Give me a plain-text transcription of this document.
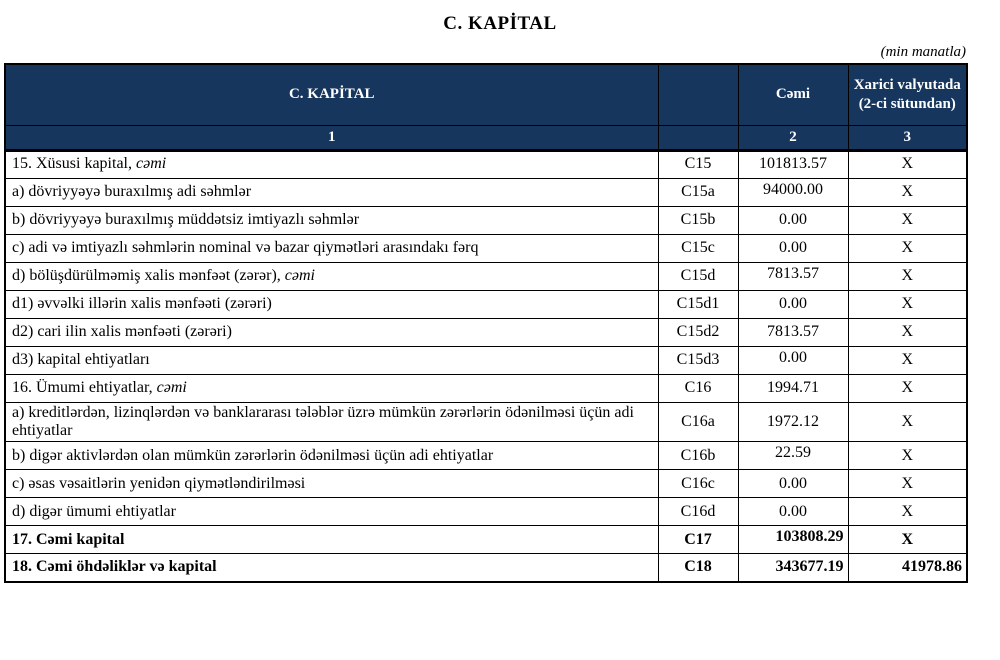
C. KAPİTAL
(min manatla)
C. KAPİTAL		Cəmi	Xarici valyutada (2-ci sütundan)
1		2	3
15. Xüsusi kapital, cəmi	C15	101813.57	X
a) dövriyyəyə buraxılmış adi səhmlər	C15a	94000.00	X
b) dövriyyəyə buraxılmış müddətsiz imtiyazlı səhmlər	C15b	0.00	X
c) adi və imtiyazlı səhmlərin nominal və bazar qiymətləri arasındakı fərq	C15c	0.00	X
d) bölüşdürülməmiş xalis mənfəət (zərər), cəmi	C15d	7813.57	X
d1) əvvəlki illərin xalis mənfəəti (zərəri)	C15d1	0.00	X
d2) cari ilin xalis mənfəəti (zərəri)	C15d2	7813.57	X
d3) kapital ehtiyatları	C15d3	0.00	X
16. Ümumi ehtiyatlar, cəmi	C16	1994.71	X
a) kreditlərdən, lizinqlərdən və banklararası tələblər üzrə mümkün zərərlərin ödənilməsi üçün adi ehtiyatlar	C16a	1972.12	X
b) digər aktivlərdən olan mümkün zərərlərin ödənilməsi üçün adi ehtiyatlar	C16b	22.59	X
c) əsas vəsaitlərin yenidən qiymətləndirilməsi	C16c	0.00	X
d) digər ümumi ehtiyatlar	C16d	0.00	X
17. Cəmi kapital	C17	103808.29	X
18. Cəmi öhdəliklər və kapital	C18	343677.19	41978.86
